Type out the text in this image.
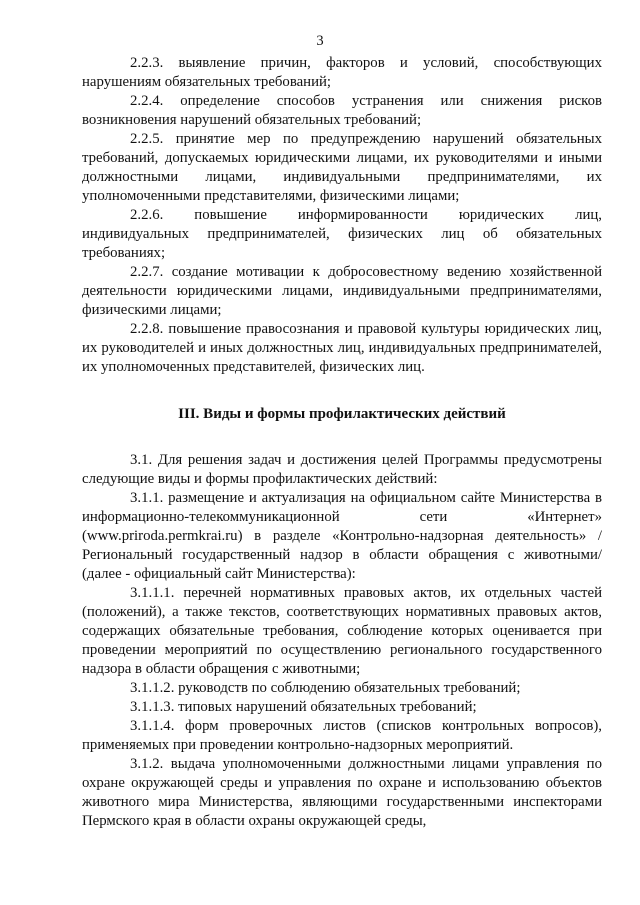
3

2.2.3. выявление причин, факторов и условий, способствующих нарушениям обязательных требований;

2.2.4. определение способов устранения или снижения рисков возникновения нарушений обязательных требований;

2.2.5. принятие мер по предупреждению нарушений обязательных требований, допускаемых юридическими лицами, их руководителями и иными должностными лицами, индивидуальными предпринимателями, их уполномоченными представителями, физическими лицами;

2.2.6. повышение информированности юридических лиц, индивидуальных предпринимателей, физических лиц об обязательных требованиях;

2.2.7. создание мотивации к добросовестному ведению хозяйственной деятельности юридическими лицами, индивидуальными предпринимателями, физическими лицами;

2.2.8. повышение правосознания и правовой культуры юридических лиц, их руководителей и иных должностных лиц, индивидуальных предпринимателей, их уполномоченных представителей, физических лиц.

III. Виды и формы профилактических действий

3.1. Для решения задач и достижения целей Программы предусмотрены следующие виды и формы профилактических действий:

3.1.1. размещение и актуализация на официальном сайте Министерства в информационно-телекоммуникационной сети «Интернет» (www.priroda.permkrai.ru) в разделе «Контрольно-надзорная деятельность» /Региональный государственный надзор в области обращения с животными/ (далее - официальный сайт Министерства):

3.1.1.1. перечней нормативных правовых актов, их отдельных частей (положений), а также текстов, соответствующих нормативных правовых актов, содержащих обязательные требования, соблюдение которых оценивается при проведении мероприятий по осуществлению регионального государственного надзора в области обращения с животными;

3.1.1.2. руководств по соблюдению обязательных требований;

3.1.1.3. типовых нарушений обязательных требований;

3.1.1.4. форм проверочных листов (списков контрольных вопросов), применяемых при проведении контрольно-надзорных мероприятий.

3.1.2. выдача уполномоченными должностными лицами управления по охране окружающей среды и управления по охране и использованию объектов животного мира Министерства, являющими государственными инспекторами Пермского края в области охраны окружающей среды,
